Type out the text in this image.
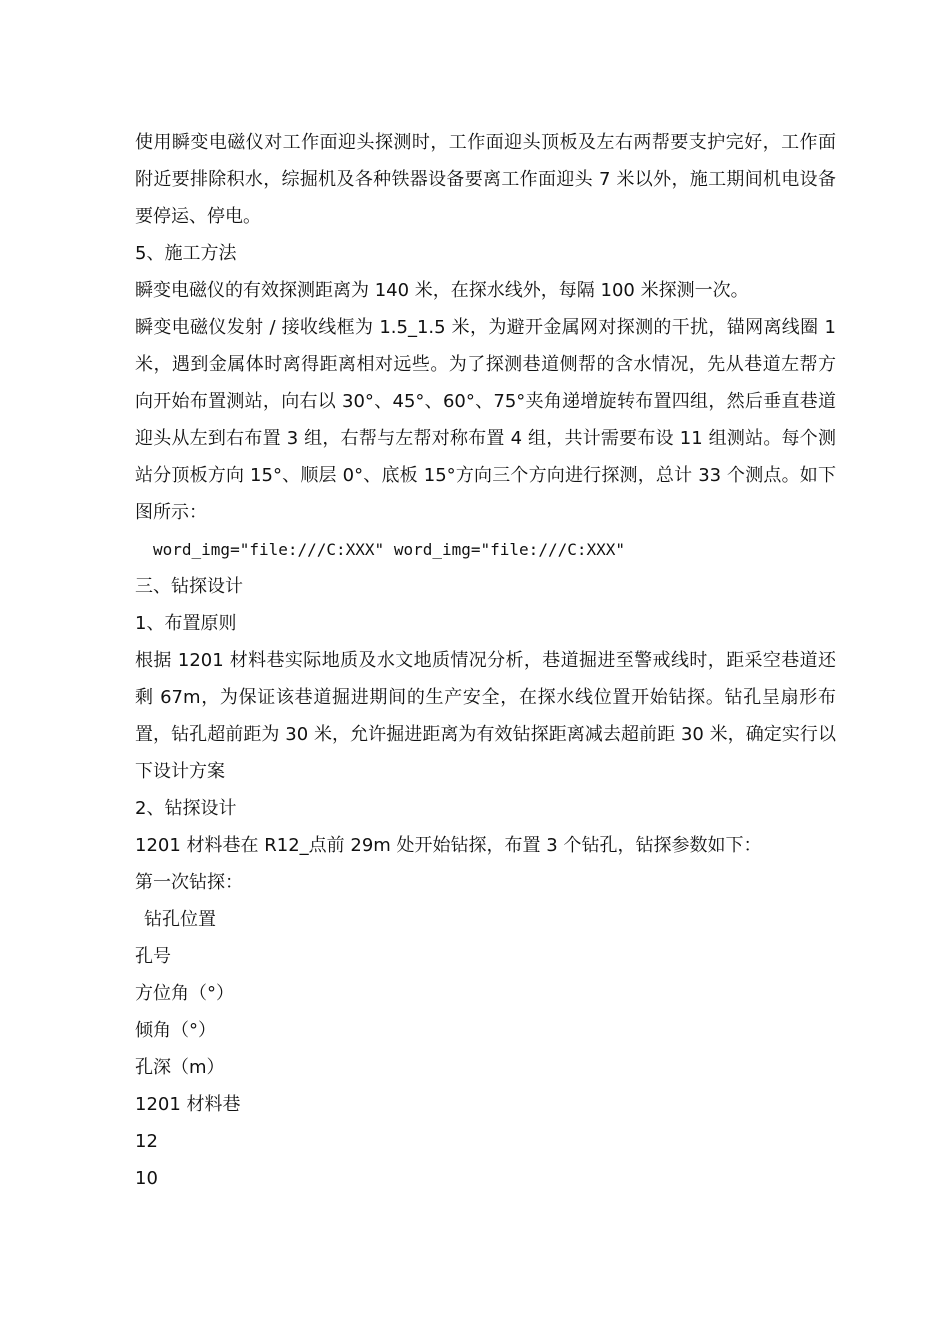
使用瞬变电磁仪对工作面迎头探测时，工作面迎头顶板及左右两帮要支护完好，工作面附近要排除积水，综掘机及各种铁器设备要离工作面迎头 7 米以外，施工期间机电设备要停运、停电。

5、施工方法

瞬变电磁仪的有效探测距离为 140 米，在探水线外，每隔 100 米探测一次。

瞬变电磁仪发射 / 接收线框为 1.5_1.5 米，为避开金属网对探测的干扰，锚网离线圈 1 米，遇到金属体时离得距离相对远些。为了探测巷道侧帮的含水情况，先从巷道左帮方向开始布置测站，向右以 30°、45°、60°、75°夹角递增旋转布置四组，然后垂直巷道迎头从左到右布置 3 组，右帮与左帮对称布置 4 组，共计需要布设 11 组测站。每个测站分顶板方向 15°、顺层 0°、底板 15°方向三个方向进行探测，总计 33 个测点。如下图所示：

word_img="file:///C:XXX" word_img="file:///C:XXX"

三、钻探设计

1、布置原则

根据 1201 材料巷实际地质及水文地质情况分析，巷道掘进至警戒线时，距采空巷道还剩 67m，为保证该巷道掘进期间的生产安全，在探水线位置开始钻探。钻孔呈扇形布置，钻孔超前距为 30 米，允许掘进距离为有效钻探距离减去超前距 30 米，确定实行以下设计方案

2、钻探设计

1201 材料巷在 R12_点前 29m 处开始钻探，布置 3 个钻孔，钻探参数如下：

第一次钻探：

钻孔位置

孔号

方位角（°）

倾角（°）

孔深（m）

1201 材料巷

12

10
